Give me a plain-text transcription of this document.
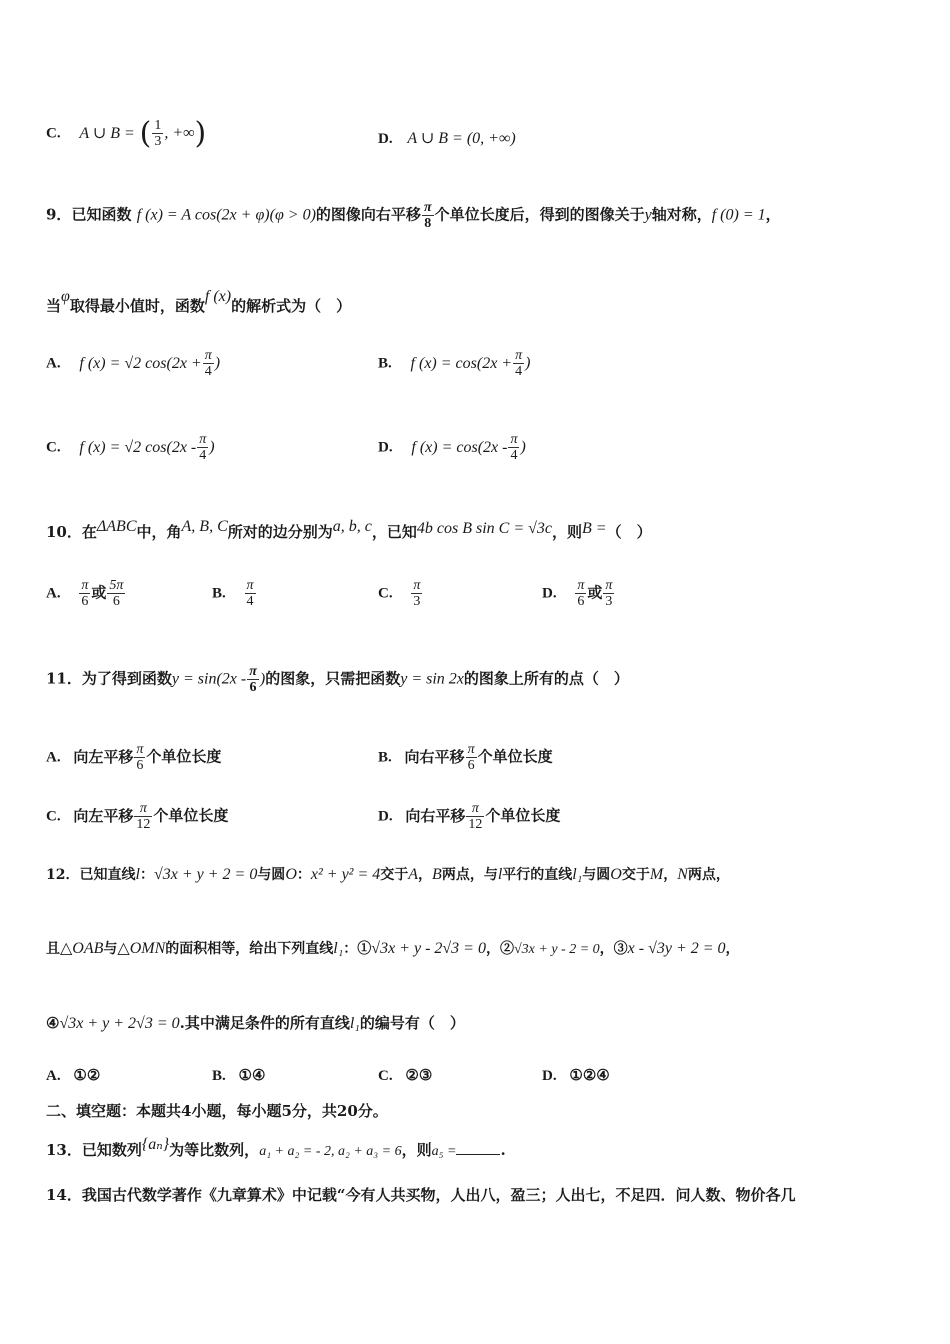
C. A ∪ B = ( $\frac{1}{3}$ , +∞)	D. A ∪ B = (0, +∞)
9．已知函数 f (x) = A cos(2x + φ)(φ > 0)的图像向右平移 $\frac{\pi}{8}$ 个单位长度后，得到的图像关于y轴对称，f (0) = 1，
当φ取得最小值时，函数f (x)的解析式为（　）
A. f (x) = √2 $\cos(2x + \frac{\pi}{4}$ )	B. f $(x) = \cos(2x + \frac{\pi}{4}$ )
C. f (x) = √2 $\cos(2x - \frac{\pi}{4}$ )	D. f $(x) = \cos(2x - \frac{\pi}{4}$ )
10．在ΔABC中，角A, B, C所对的边分别为a, b, c，已知4b cos B sin C = √3c，则B =（　）
A. $\frac{\pi}{6}$ 或 $\frac{5\pi}{6}$	B. $\frac{\pi}{4}$	C. $\frac{\pi}{3}$	D. $\frac{\pi}{6}$ 或 $\frac{\pi}{3}$
11．为了得到函数$y = \sin(2x - \frac{\pi}{6}$ )的图象，只需把函数y = sin 2x的图象上所有的点（　）
A. 向左平移 $\frac{\pi}{6}$ 个单位长度	B. 向右平移 $\frac{\pi}{6}$ 个单位长度
C. 向左平移 $\frac{\pi}{12}$ 个单位长度	D. 向右平移 $\frac{\pi}{12}$ 个单位长度
12．已知直线l：√3x + y + 2 = 0与圆O：x² + y² = 4交于A，B两点，与l平行的直线l₁与圆O交于M，N两点，
且△OAB与△OMN的面积相等，给出下列直线l₁：①√3x + y - 2√3 = 0，②√3x + y - 2 = 0，③x - √3y + 2 = 0，
④√3x + y + 2√3 = 0.其中满足条件的所有直线l₁的编号有（　）
A. ①②	B. ①④	C. ②③	D. ①②④
二、填空题：本题共4小题，每小题5分，共20分。
13．已知数列{aₙ}为等比数列，a₁ + a₂ = - 2, a₂ + a₃ = 6，则a₅ =	.
14．我国古代数学著作《九章算术》中记载“今有人共买物，人出八，盈三；人出七，不足四．问人数、物价各几
